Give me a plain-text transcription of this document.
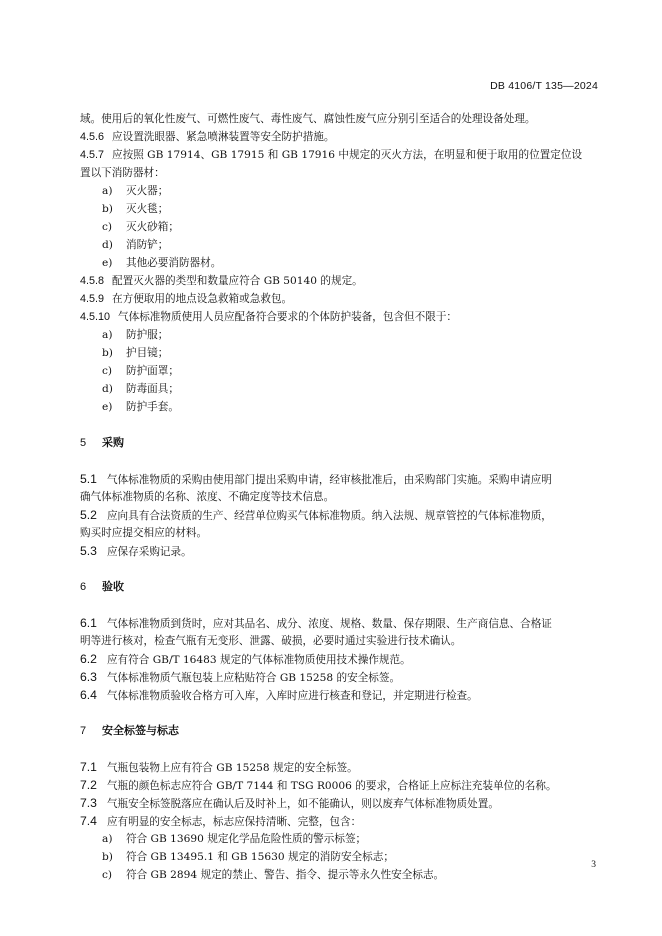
DB 4106/T 135—2024
域。使用后的氧化性废气、可燃性废气、毒性废气、腐蚀性废气应分别引至适合的处理设备处理。
4.5.6 应设置洗眼器、紧急喷淋装置等安全防护措施。
4.5.7 应按照 GB 17914、GB 17915 和 GB 17916 中规定的灭火方法，在明显和便于取用的位置定位设
置以下消防器材：
a) 灭火器；
b) 灭火毯；
c) 灭火砂箱；
d) 消防铲；
e) 其他必要消防器材。
4.5.8 配置灭火器的类型和数量应符合 GB 50140 的规定。
4.5.9 在方便取用的地点设急救箱或急救包。
4.5.10 气体标准物质使用人员应配备符合要求的个体防护装备，包含但不限于：
a) 防护服；
b) 护目镜；
c) 防护面罩；
d) 防毒面具；
e) 防护手套。
5 采购
5.1 气体标准物质的采购由使用部门提出采购申请，经审核批准后，由采购部门实施。采购申请应明
确气体标准物质的名称、浓度、不确定度等技术信息。
5.2 应向具有合法资质的生产、经营单位购买气体标准物质。纳入法规、规章管控的气体标准物质，
购买时应提交相应的材料。
5.3 应保存采购记录。
6 验收
6.1 气体标准物质到货时，应对其品名、成分、浓度、规格、数量、保存期限、生产商信息、合格证
明等进行核对，检查气瓶有无变形、泄露、破损，必要时通过实验进行技术确认。
6.2 应有符合 GB/T 16483 规定的气体标准物质使用技术操作规范。
6.3 气体标准物质气瓶包装上应粘贴符合 GB 15258 的安全标签。
6.4 气体标准物质验收合格方可入库，入库时应进行核查和登记，并定期进行检查。
7 安全标签与标志
7.1 气瓶包装物上应有符合 GB 15258 规定的安全标签。
7.2 气瓶的颜色标志应符合 GB/T 7144 和 TSG R0006 的要求，合格证上应标注充装单位的名称。
7.3 气瓶安全标签脱落应在确认后及时补上，如不能确认，则以废弃气体标准物质处置。
7.4 应有明显的安全标志，标志应保持清晰、完整，包含：
a) 符合 GB 13690 规定化学品危险性质的警示标签；
b) 符合 GB 13495.1 和 GB 15630 规定的消防安全标志；
c) 符合 GB 2894 规定的禁止、警告、指令、提示等永久性安全标志。
3
